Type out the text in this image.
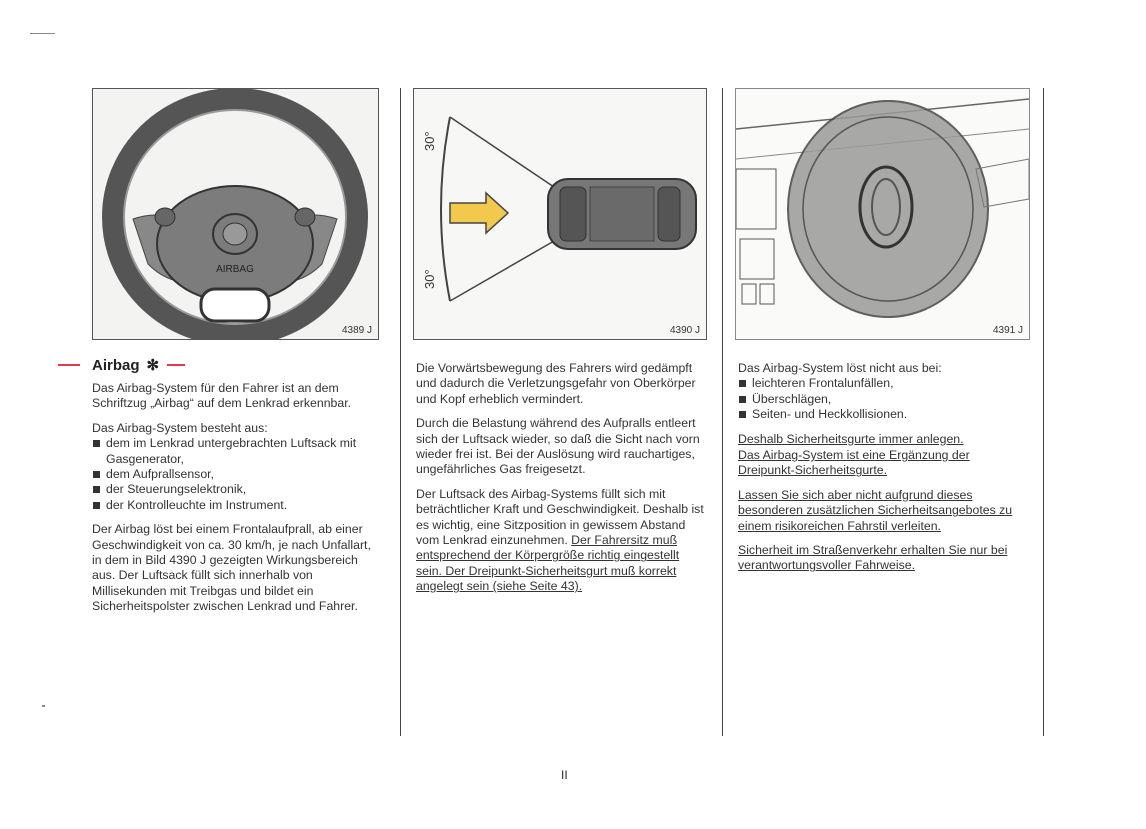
AIRBAG
4389 J
30°
30°
4390 J	4391 J
Airbag ✻

Das Airbag-System für den Fahrer ist an dem Schriftzug „Airbag“ auf dem Lenkrad erkennbar.

Das Airbag-System besteht aus:

dem im Lenkrad untergebrachten Luftsack mit Gasgenerator,
dem Aufprallsensor,
der Steuerungselektronik,
der Kontrolleuchte im Instrument.

Der Airbag löst bei einem Frontalaufprall, ab einer Geschwindigkeit von ca. 30 km/h, je nach Unfallart, in dem in Bild 4390 J gezeigten Wirkungsbereich aus. Der Luftsack füllt sich innerhalb von Millisekunden mit Treibgas und bildet ein Sicherheitspolster zwischen Lenkrad und Fahrer.

Die Vorwärtsbewegung des Fahrers wird gedämpft und dadurch die Verletzungsgefahr von Oberkörper und Kopf erheblich vermindert.

Durch die Belastung während des Aufpralls entleert sich der Luftsack wieder, so daß die Sicht nach vorn wieder frei ist. Bei der Auslösung wird rauchartiges, ungefährliches Gas freigesetzt.

Der Luftsack des Airbag-Systems füllt sich mit beträchtlicher Kraft und Geschwindigkeit. Deshalb ist es wichtig, eine Sitzposition in gewissem Abstand vom Lenkrad einzunehmen. Der Fahrersitz muß entsprechend der Körpergröße richtig eingestellt sein. Der Dreipunkt-Sicherheitsgurt muß korrekt angelegt sein (siehe Seite 43).

Das Airbag-System löst nicht aus bei:

leichteren Frontalunfällen,
Überschlägen,
Seiten- und Heckkollisionen.

Deshalb Sicherheitsgurte immer anlegen.

Das Airbag-System ist eine Ergänzung der Dreipunkt-Sicherheitsgurte.

Lassen Sie sich aber nicht aufgrund dieses besonderen zusätzlichen Sicherheitsangebotes zu einem risikoreichen Fahrstil verleiten.

Sicherheit im Straßenverkehr erhalten Sie nur bei verantwortungsvoller Fahrweise.

II
